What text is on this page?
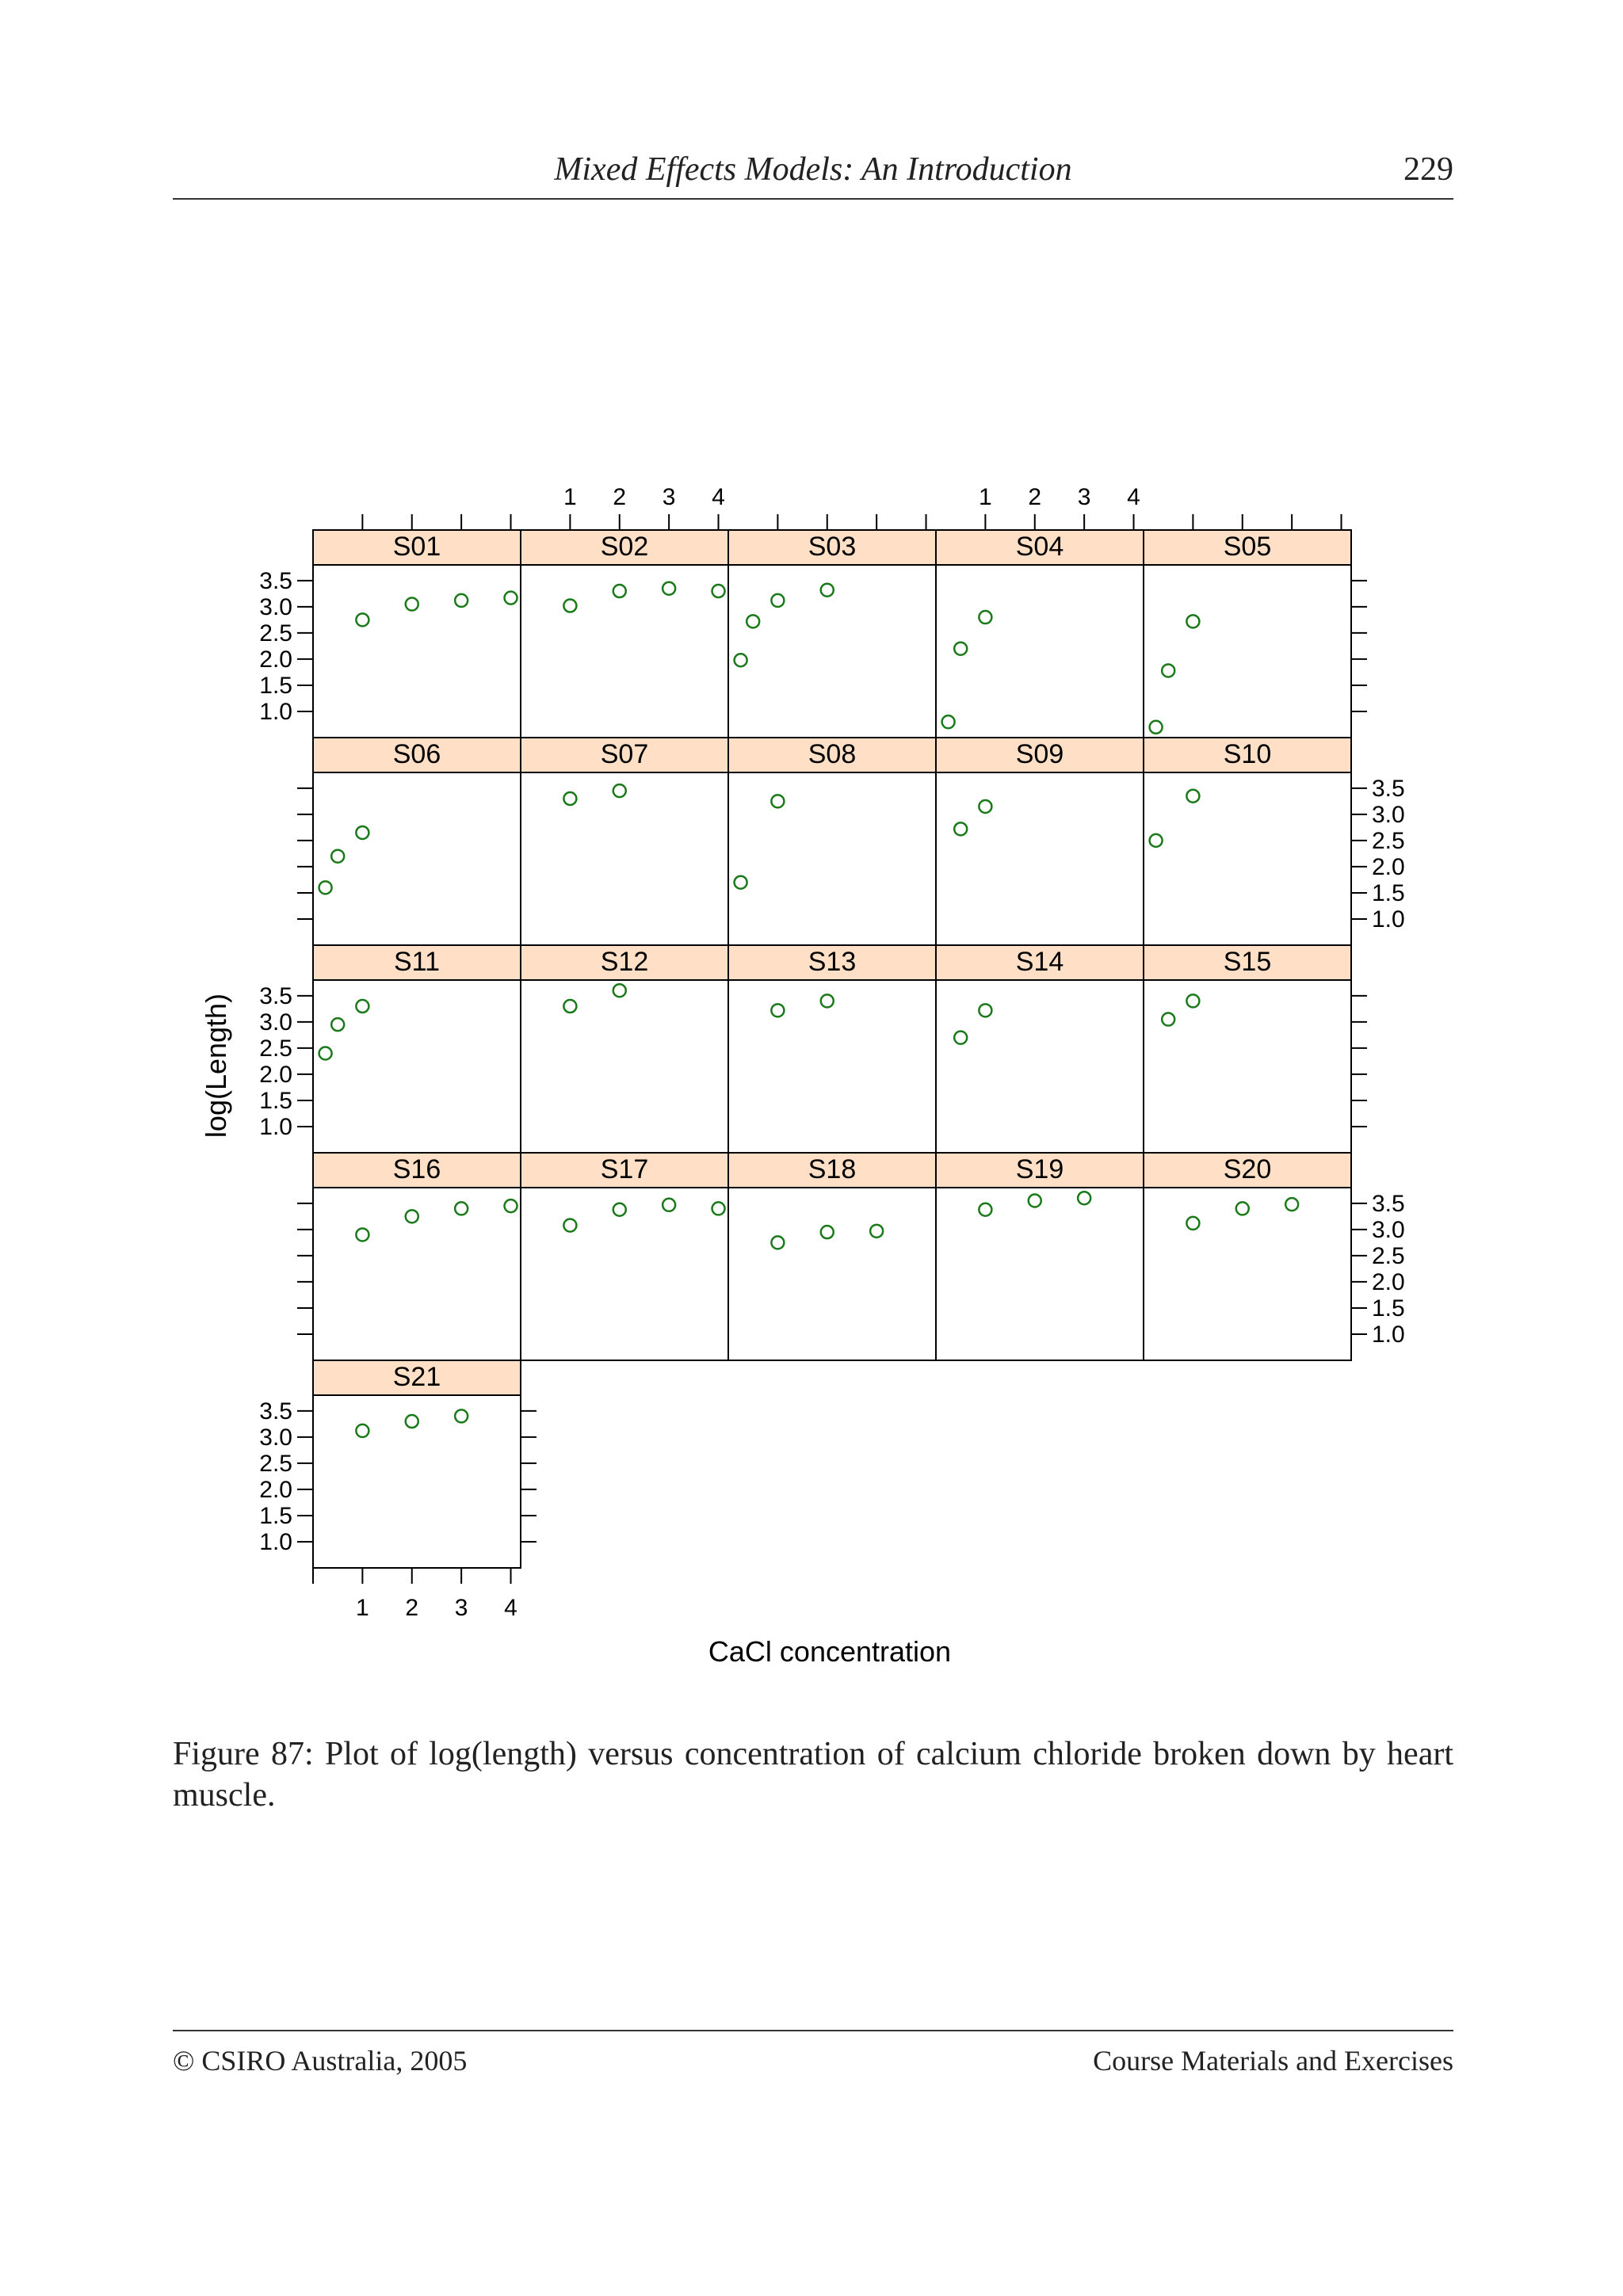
Mixed Effects Models: An Introduction	229
S01	S02	S03	S04	S05
S06	S07	S08	S09	S10
S11	S12	S13	S14	S15
S16	S17	S18	S19	S20
S21
1.0
1.5
2.0
2.5
3.0
3.5
1.0
1.5
2.0
2.5
3.0
3.5
1.0
1.5
2.0
2.5
3.0
3.5
1.0
1.5
2.0
2.5
3.0
3.5
1.0
1.5
2.0
2.5
3.0
3.5
1 2 3 4	1 2 3 4
1 2 3 4
CaCl concentration
log(Length)
Figure 87: Plot of log(length) versus concentration of calcium chloride broken down by heart muscle.
© CSIRO Australia, 2005	Course Materials and Exercises
